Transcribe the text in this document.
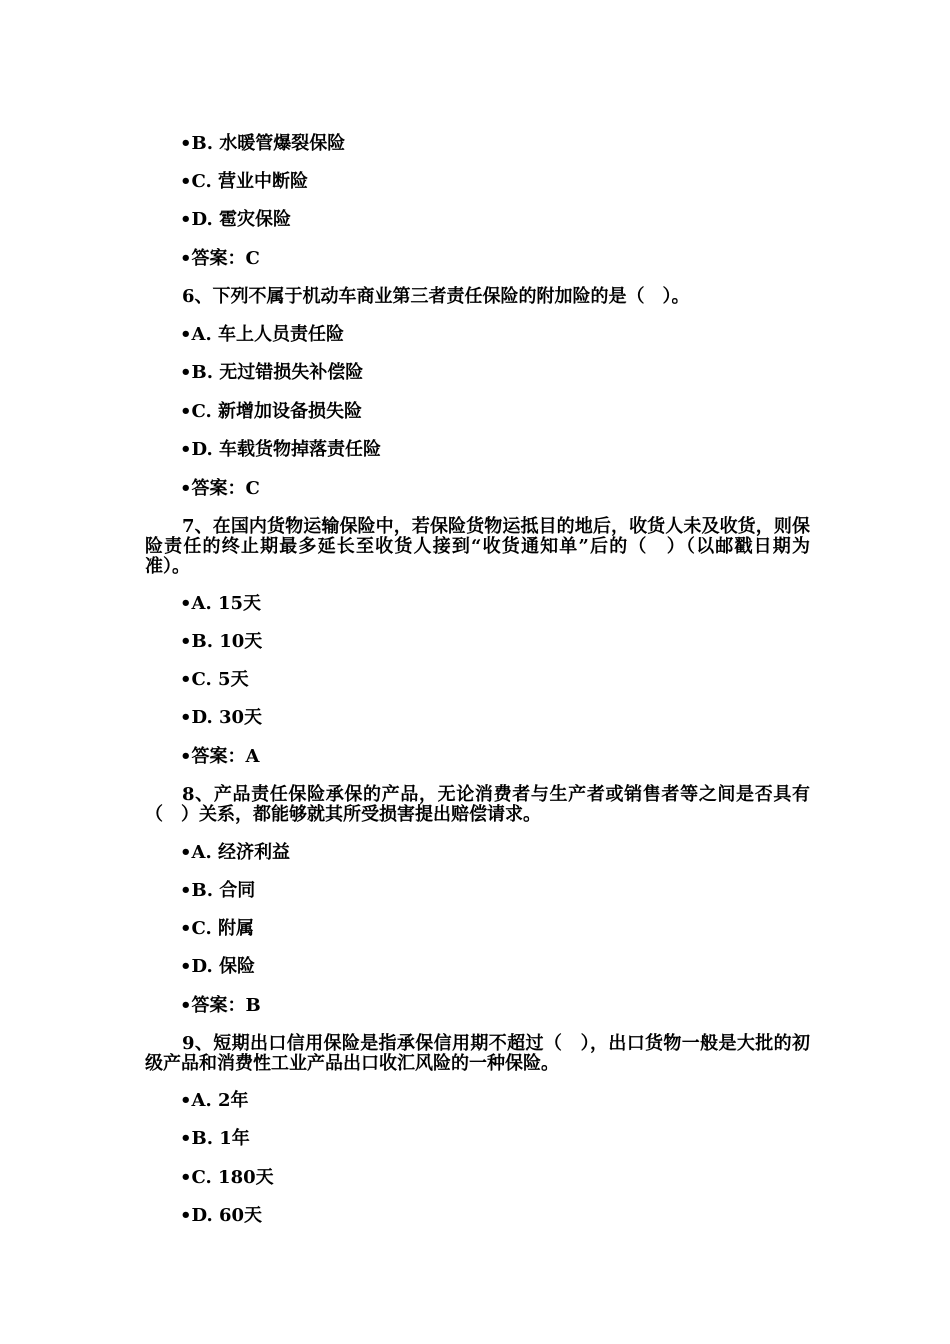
•B. 水暖管爆裂保险
•C. 营业中断险
•D. 雹灾保险
•答案：C
6、下列不属于机动车商业第三者责任保险的附加险的是（　）。
•A. 车上人员责任险
•B. 无过错损失补偿险
•C. 新增加设备损失险
•D. 车载货物掉落责任险
•答案：C
7、在国内货物运输保险中，若保险货物运抵目的地后，收货人未及收货，则保险责任的终止期最多延长至收货人接到“收货通知单”后的（　）（以邮戳日期为准）。
•A. 15天
•B. 10天
•C. 5天
•D. 30天
•答案：A
8、产品责任保险承保的产品，无论消费者与生产者或销售者等之间是否具有（　）关系，都能够就其所受损害提出赔偿请求。
•A. 经济利益
•B. 合同
•C. 附属
•D. 保险
•答案：B
9、短期出口信用保险是指承保信用期不超过（　），出口货物一般是大批的初级产品和消费性工业产品出口收汇风险的一种保险。
•A. 2年
•B. 1年
•C. 180天
•D. 60天
